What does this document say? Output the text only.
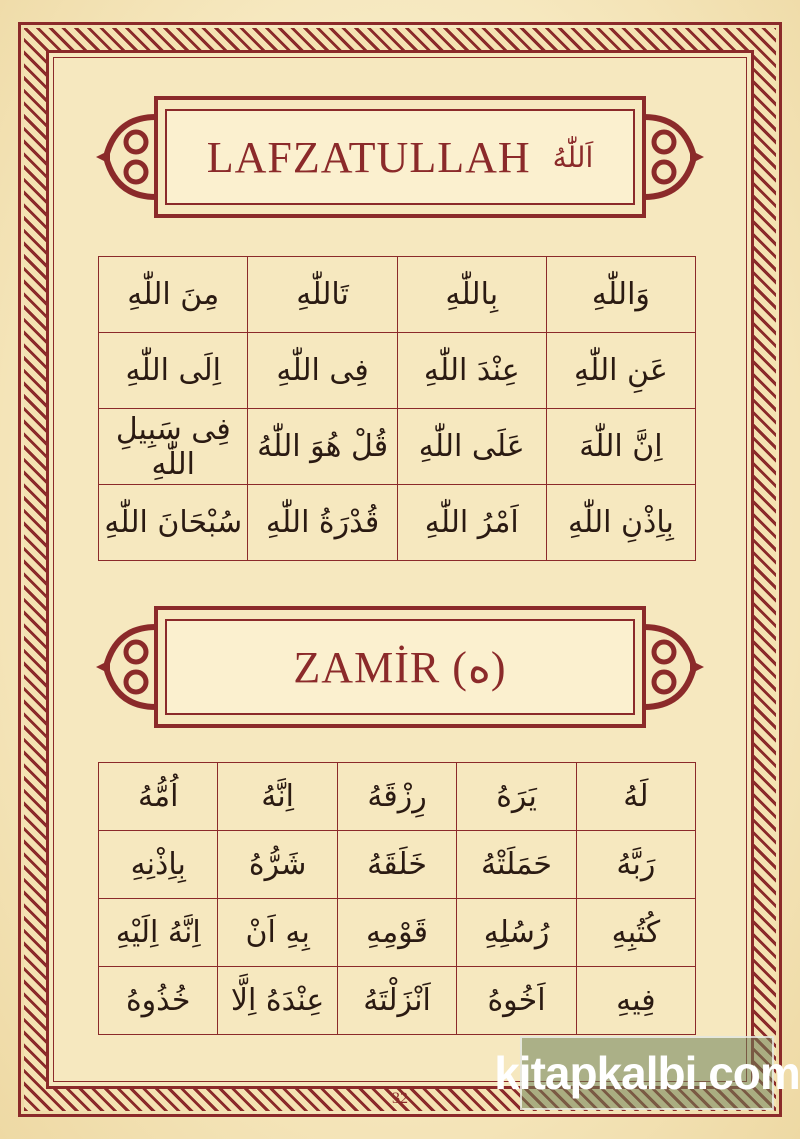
LAFZATULLAH اَللّٰهُ
وَاللّٰهِ	بِاللّٰهِ	تَاللّٰهِ	مِنَ اللّٰهِ
عَنِ اللّٰهِ	عِنْدَ اللّٰهِ	فِى اللّٰهِ	اِلَى اللّٰهِ
اِنَّ اللّٰهَ	عَلَى اللّٰهِ	قُلْ هُوَ اللّٰهُ	فِى سَبِيلِ اللّٰهِ
بِاِذْنِ اللّٰهِ	اَمْرُ اللّٰهِ	قُدْرَةُ اللّٰهِ	سُبْحَانَ اللّٰهِ
ZAMİR (ه)
لَهُ	يَرَهُ	رِزْقَهُ	اِنَّهُ	اُمُّهُ
رَبَّهُ	حَمَلَتْهُ	خَلَقَهُ	شَرُّهُ	بِاِذْنِهِ
كُتُبِهِ	رُسُلِهِ	قَوْمِهِ	بِهِ اَنْ	اِنَّهُ اِلَيْهِ
فِيهِ	اَخُوهُ	اَنْزَلْتَهُ	عِنْدَهُ اِلَّا	خُذُوهُ
32 kitapkalbi.com
